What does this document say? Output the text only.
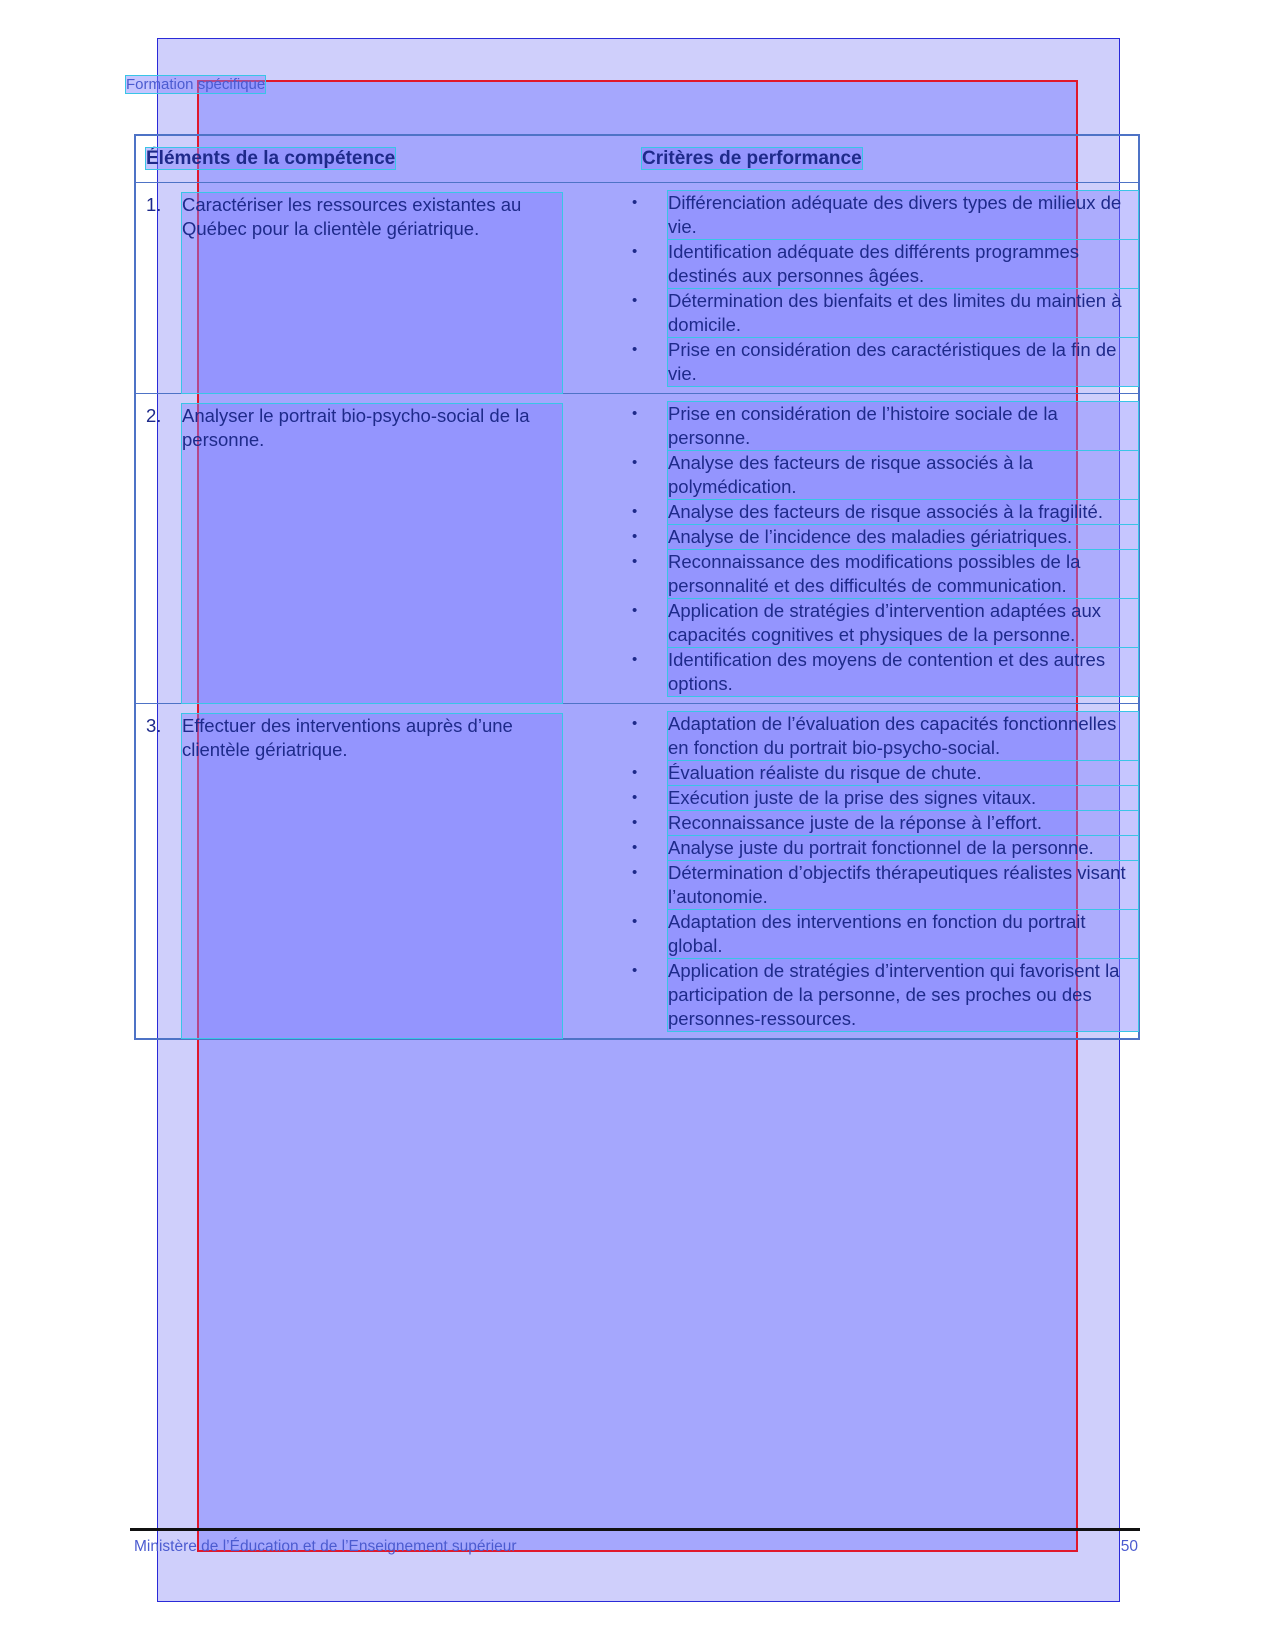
Formation spécifique
Éléments de la compétence	Critères de performance
1.	Caractériser les ressources existantes au Québec pour la clientèle gériatrique.
•	Différenciation adéquate des divers types de milieux de vie.
•	Identification adéquate des différents programmes destinés aux personnes âgées.
•	Détermination des bienfaits et des limites du maintien à domicile.
•	Prise en considération des caractéristiques de la fin de vie.
2.	Analyser le portrait bio-psycho-social de la personne.
•	Prise en considération de l’histoire sociale de la personne.
•	Analyse des facteurs de risque associés à la polymédication.
•	Analyse des facteurs de risque associés à la fragilité.
•	Analyse de l’incidence des maladies gériatriques.
•	Reconnaissance des modifications possibles de la personnalité et des difficultés de communication.
•	Application de stratégies d’intervention adaptées aux capacités cognitives et physiques de la personne.
•	Identification des moyens de contention et des autres options.
3.	Effectuer des interventions auprès d’une clientèle gériatrique.
•	Adaptation de l’évaluation des capacités fonctionnelles en fonction du portrait bio-psycho-social.
•	Évaluation réaliste du risque de chute.
•	Exécution juste de la prise des signes vitaux.
•	Reconnaissance juste de la réponse à l’effort.
•	Analyse juste du portrait fonctionnel de la personne.
•	Détermination d’objectifs thérapeutiques réalistes visant l’autonomie.
•	Adaptation des interventions en fonction du portrait global.
•	Application de stratégies d’intervention qui favorisent la participation de la personne, de ses proches ou des personnes-ressources.
Ministère de l’Éducation et de l’Enseignement supérieur	50
